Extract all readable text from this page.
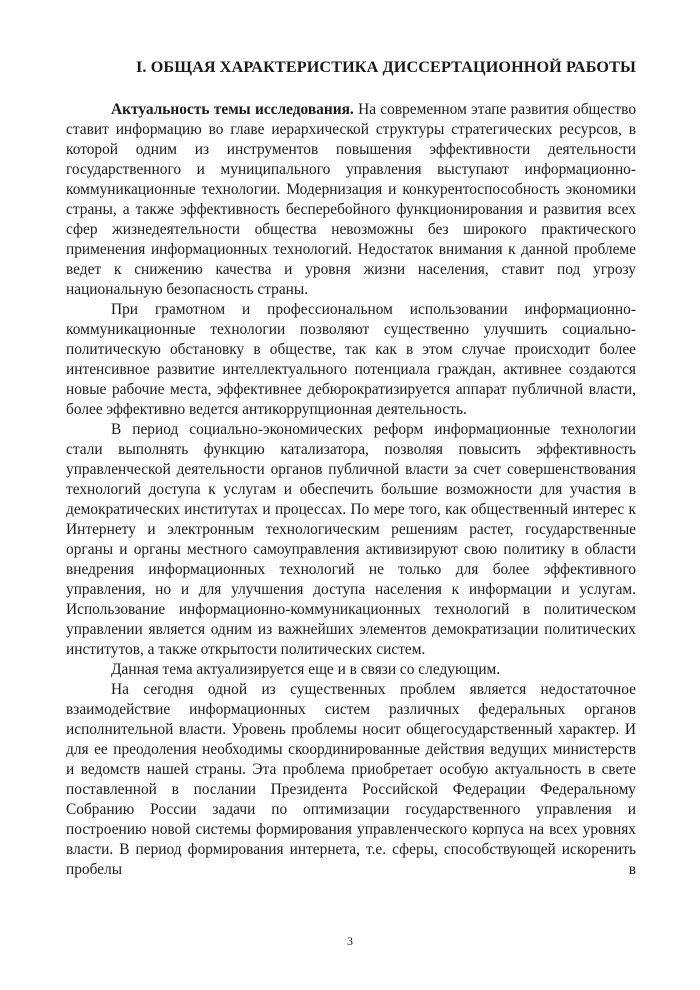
I. ОБЩАЯ ХАРАКТЕРИСТИКА ДИССЕРТАЦИОННОЙ РАБОТЫ

Актуальность темы исследования. На современном этапе развития общество ставит информацию во главе иерархической структуры стратегических ресурсов, в которой одним из инструментов повышения эффективности деятельности государственного и муниципального управления выступают информационно-коммуникационные технологии. Модернизация и конкурентоспособность экономики страны, а также эффективность бесперебойного функционирования и развития всех сфер жизнедеятельности общества невозможны без широкого практического применения информационных технологий. Недостаток внимания к данной проблеме ведет к снижению качества и уровня жизни населения, ставит под угрозу национальную безопасность страны.

При грамотном и профессиональном использовании информационно-коммуникационные технологии позволяют существенно улучшить социально-политическую обстановку в обществе, так как в этом случае происходит более интенсивное развитие интеллектуального потенциала граждан, активнее создаются новые рабочие места, эффективнее дебюрократизируется аппарат публичной власти, более эффективно ведется антикоррупционная деятельность.

В период социально-экономических реформ информационные технологии стали выполнять функцию катализатора, позволяя повысить эффективность управленческой деятельности органов публичной власти за счет совершенствования технологий доступа к услугам и обеспечить большие возможности для участия в демократических институтах и процессах. По мере того, как общественный интерес к Интернету и электронным технологическим решениям растет, государственные органы и органы местного самоуправления активизируют свою политику в области внедрения информационных технологий не только для более эффективного управления, но и для улучшения доступа населения к информации и услугам. Использование информационно-коммуникационных технологий в политическом управлении является одним из важнейших элементов демократизации политических институтов, а также открытости политических систем.

Данная тема актуализируется еще и в связи со следующим.

На сегодня одной из существенных проблем является недостаточное взаимодействие информационных систем различных федеральных органов исполнительной власти. Уровень проблемы носит общегосударственный характер. И для ее преодоления необходимы скоординированные действия ведущих министерств и ведомств нашей страны. Эта проблема приобретает особую актуальность в свете поставленной в послании Президента Российской Федерации Федеральному Собранию России задачи по оптимизации государственного управления и построению новой системы формирования управленческого корпуса на всех уровнях власти. В период формирования интернета, т.е. сферы, способствующей искоренить пробелы в

3
